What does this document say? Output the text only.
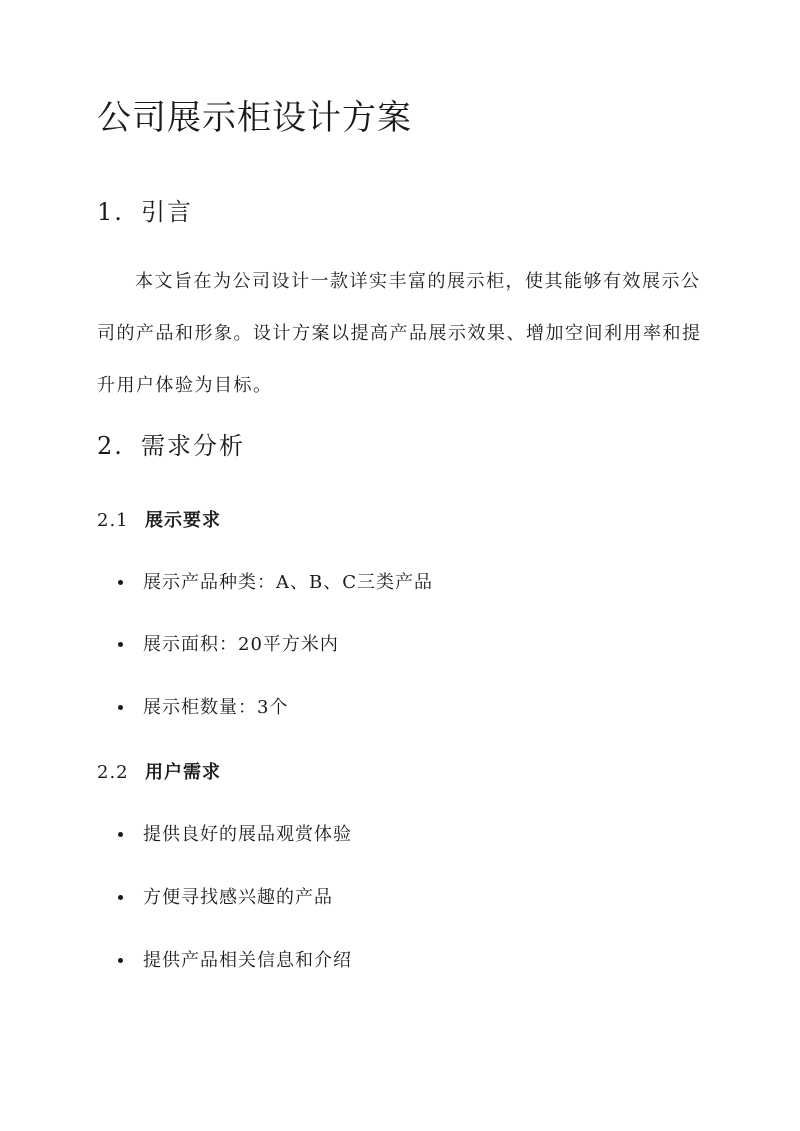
公司展示柜设计方案
1. 引言

本文旨在为公司设计一款详实丰富的展示柜，使其能够有效展示公司的产品和形象。设计方案以提高产品展示效果、增加空间利用率和提升用户体验为目标。

2. 需求分析
2.1 展示要求
展示产品种类：A、B、C三类产品
展示面积：20平方米内
展示柜数量：3个
2.2 用户需求
提供良好的展品观赏体验
方便寻找感兴趣的产品
提供产品相关信息和介绍
